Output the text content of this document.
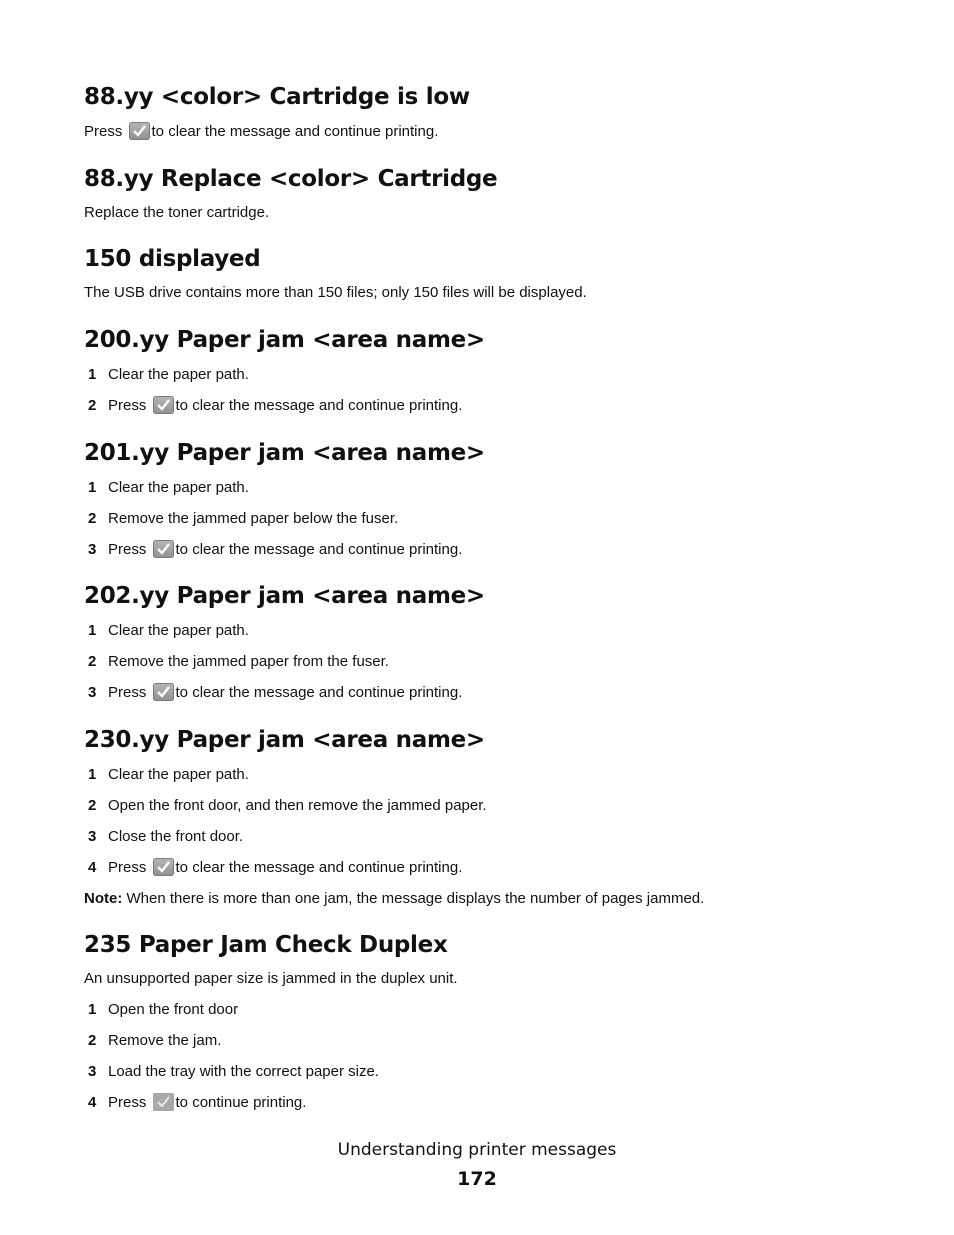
88.yy <color> Cartridge is low

Press to clear the message and continue printing.

88.yy Replace <color> Cartridge

Replace the toner cartridge.

150 displayed

The USB drive contains more than 150 files; only 150 files will be displayed.

200.yy Paper jam <area name>
1 Clear the paper path.
2 Press to clear the message and continue printing.
201.yy Paper jam <area name>
1 Clear the paper path.
2 Remove the jammed paper below the fuser.
3 Press to clear the message and continue printing.
202.yy Paper jam <area name>
1 Clear the paper path.
2 Remove the jammed paper from the fuser.
3 Press to clear the message and continue printing.
230.yy Paper jam <area name>
1 Clear the paper path.
2 Open the front door, and then remove the jammed paper.
3 Close the front door.
4 Press to clear the message and continue printing.

Note: When there is more than one jam, the message displays the number of pages jammed.

235 Paper Jam Check Duplex

An unsupported paper size is jammed in the duplex unit.

1 Open the front door
2 Remove the jam.
3 Load the tray with the correct paper size.
4 Press to continue printing.
Understanding printer messages
172
